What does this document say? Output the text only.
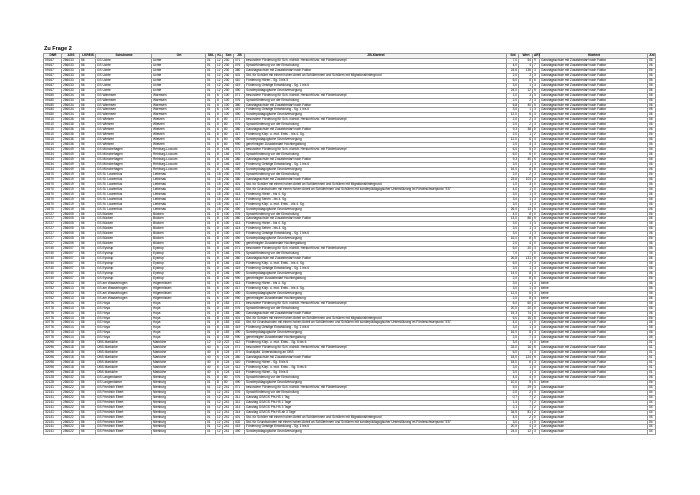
Zu Frage 2
DNR	AGS	LKREIS	Schulname	Ort	SKL	KL	Sch	ZB	ZB-Klartext	Std	Wert	ART	Klartext	Anl
09167	256033	56	GS Uchte	Uchte	01	12	230	071	besondere Förderung für Sch. nichtdt. Herkunft bzw. mit Förderkonzept	7,0	54	9	Ganztagsschule mit Zusatzbedarf nach Faktor	06
09167	256033	56	GS Uchte	Uchte	01	12	230	076	Sprachförderung vor der Einschulung	4,0	4	7	Ganztagsschule mit Zusatzbedarf nach Faktor	06
09167	256033	56	GS Uchte	Uchte	01	12	230	380	Ganztagsschule mit Zusatzbedarf nach Faktor	24,6	136	3	Ganztagsschule mit Zusatzbedarf nach Faktor	06
09167	256033	56	GS Uchte	Uchte	01	12	230	401	Std. für Schüler mit einem hohen Anteil an Schülerinnen und Schülern mit Migrationshintergrund	2,0	3	3	Ganztagsschule mit Zusatzbedarf nach Faktor	06
09167	256033	56	GS Uchte	Uchte	01	12	230	410	Förderung Hören - Sg. 3 bis 5	6,0	8	6	Ganztagsschule mit Zusatzbedarf nach Faktor	06
09167	256033	56	GS Uchte	Uchte	01	12	230	419	Förderung Geistige Entwicklung - Sg. 1 bis 6	3,0	1	3	Ganztagsschule mit Zusatzbedarf nach Faktor	06
09167	256033	56	GS Uchte	Uchte	01	12	230	490	Sonderpädagogische Grundversorgung	24,0	12	5	Ganztagsschule mit Zusatzbedarf nach Faktor	06
09180	256034	56	GS Warmsen	Warmsen	01	6	100	071	besondere Förderung für Sch. nichtdt. Herkunft bzw. mit Förderkonzept	1,0	3	3	Ganztagsschule mit Zusatzbedarf nach Faktor	06
09180	256034	56	GS Warmsen	Warmsen	01	6	100	076	Sprachförderung vor der Einschulung	2,0	2	3	Ganztagsschule mit Zusatzbedarf nach Faktor	06
09180	256034	56	GS Warmsen	Warmsen	01	6	100	380	Ganztagsschule mit Zusatzbedarf nach Faktor	6,8	40	5	Ganztagsschule mit Zusatzbedarf nach Faktor	06
09180	256034	56	GS Warmsen	Warmsen	01	6	100	419	Förderung Geistige Entwicklung - Sg. 1 bis 6	3,0	1	3	Ganztagsschule mit Zusatzbedarf nach Faktor	06
09180	256034	56	GS Warmsen	Warmsen	01	6	100	490	Sonderpädagogische Grundversorgung	12,0	6	3	Ganztagsschule mit Zusatzbedarf nach Faktor	06
09210	256036	56	GS Wietzen	Wietzen	01	6	80	071	besondere Förderung für Sch. nichtdt. Herkunft bzw. mit Förderkonzept	2,0	2	3	Ganztagsschule mit Zusatzbedarf nach Faktor	06
09210	256036	56	GS Wietzen	Wietzen	01	6	80	076	Sprachförderung vor der Einschulung	2,0	2	3	Ganztagsschule mit Zusatzbedarf nach Faktor	06
09210	256036	56	GS Wietzen	Wietzen	01	6	80	380	Ganztagsschule mit Zusatzbedarf nach Faktor	9,3	38	5	Ganztagsschule mit Zusatzbedarf nach Faktor	06
09210	256036	56	GS Wietzen	Wietzen	01	6	80	417	Förderung Körp. u. mot. Entw. - bis 4. Sg.	2,0	1	2	Ganztagsschule mit Zusatzbedarf nach Faktor	06
09210	256036	56	GS Wietzen	Wietzen	01	6	80	490	Sonderpädagogische Grundversorgung	12,0	6	3	Ganztagsschule mit Zusatzbedarf nach Faktor	06
09210	256036	56	GS Wietzen	Wietzen	01	6	80	990	genehmigter Zusatzbedarf Hochbegabung	2,0	4	3	Ganztagsschule mit Zusatzbedarf nach Faktor	06
09234	256049	56	GS Münchehagen	Rehburg-Loccum	01	8	146	071	besondere Förderung für Sch. nichtdt. Herkunft bzw. mit Förderkonzept	6,0	5	0	Ganztagsschule mit Zusatzbedarf nach Faktor	06
09234	256049	56	GS Münchehagen	Rehburg-Loccum	01	8	146	076	Sprachförderung vor der Einschulung	6,0	6	0	Ganztagsschule mit Zusatzbedarf nach Faktor	06
09234	256049	56	GS Münchehagen	Rehburg-Loccum	01	8	146	380	Ganztagsschule mit Zusatzbedarf nach Faktor	9,3	40	5	Ganztagsschule mit Zusatzbedarf nach Faktor	06
09234	256049	56	GS Münchehagen	Rehburg-Loccum	01	8	146	419	Förderung Geistige Entwicklung - Sg. 1 bis 6	3,0	1	3	Ganztagsschule mit Zusatzbedarf nach Faktor	06
09234	256049	56	GS Münchehagen	Rehburg-Loccum	01	8	146	490	Sonderpädagogische Grundversorgung	16,0	8	5	Ganztagsschule mit Zusatzbedarf nach Faktor	06
24570	256019	56	GS St. Laurentius	Liebenau	01	15	230	076	Sprachförderung vor der Einschulung	2,0	2	3	Ganztagsschule mit Zusatzbedarf nach Faktor	06
24570	256019	56	GS St. Laurentius	Liebenau	01	15	230	380	Ganztagsschule mit Zusatzbedarf nach Faktor	23,6	103	3	Ganztagsschule mit Zusatzbedarf nach Faktor	06
24570	256019	56	GS St. Laurentius	Liebenau	01	15	230	401	Std. für Schüler mit einem hohen Anteil an Schülerinnen und Schülern mit Migrationshintergrund	1,0	3	0	Ganztagsschule mit Zusatzbedarf nach Faktor	06
24570	256019	56	GS St. Laurentius	Liebenau	01	15	230	402	Std. für Grundschulen mit einem hohen Anteil an Schülerinnen und Schülern mit sonderpädagogischer Unterstützung im Förderschwerpunkt "ES"	4,0	1	0	Ganztagsschule mit Zusatzbedarf nach Faktor	06
24570	256019	56	GS St. Laurentius	Liebenau	01	15	230	413	Förderung Hören - bis 4. Sg.	3,0	1	3	Ganztagsschule mit Zusatzbedarf nach Faktor	06
24570	256019	56	GS St. Laurentius	Liebenau	01	15	230	414	Förderung Sehen - bis 4. Sg.	3,0	1	3	Ganztagsschule mit Zusatzbedarf nach Faktor	06
24570	256019	56	GS St. Laurentius	Liebenau	01	15	230	417	Förderung Körp. u. mot. Entw. - bis 4. Sg.	3,0	1	3	Ganztagsschule mit Zusatzbedarf nach Faktor	06
24570	256019	56	GS St. Laurentius	Liebenau	01	15	230	490	Sonderpädagogische Grundversorgung	26,0	13	5	Ganztagsschule mit Zusatzbedarf nach Faktor	06
30727	256005	56	GS Bücken	Bücken	01	8	100	076	Sprachförderung vor der Einschulung	4,0	8	0	Ganztagsschule mit Zusatzbedarf nach Faktor	06
30727	256005	56	GS Bücken	Bücken	01	8	100	380	Ganztagsschule mit Zusatzbedarf nach Faktor	13,0	86	5	Ganztagsschule mit Zusatzbedarf nach Faktor	06
30727	256005	56	GS Bücken	Bücken	01	8	100	413	Förderung Hören - bis 4. Sg.	3,0	1	3	Ganztagsschule mit Zusatzbedarf nach Faktor	06
30727	256005	56	GS Bücken	Bücken	01	8	100	414	Förderung Sehen - bis 4. Sg.	3,0	1	3	Ganztagsschule mit Zusatzbedarf nach Faktor	06
30727	256005	56	GS Bücken	Bücken	01	8	100	419	Förderung Geistige Entwicklung - Sg. 1 bis 6	3,0	1	3	Ganztagsschule mit Zusatzbedarf nach Faktor	06
30727	256005	56	GS Bücken	Bücken	01	8	100	490	Sonderpädagogische Grundversorgung	16,0	8	5	Ganztagsschule mit Zusatzbedarf nach Faktor	06
30727	256005	56	GS Bücken	Bücken	01	8	100	990	genehmigter Zusatzbedarf Hochbegabung	2,0	4	0	Ganztagsschule mit Zusatzbedarf nach Faktor	06
30740	256007	56	GS Eystrup	Eystrup	01	8	146	071	besondere Förderung für Sch. nichtdt. Herkunft bzw. mit Förderkonzept	6,0	20	3	Ganztagsschule mit Zusatzbedarf nach Faktor	06
30740	256007	56	GS Eystrup	Eystrup	01	8	146	076	Sprachförderung vor der Einschulung	7,0	7	0	Ganztagsschule mit Zusatzbedarf nach Faktor	06
30740	256007	56	GS Eystrup	Eystrup	01	8	146	380	Ganztagsschule mit Zusatzbedarf nach Faktor	26,8	131	5	Ganztagsschule mit Zusatzbedarf nach Faktor	06
30740	256007	56	GS Eystrup	Eystrup	01	8	146	415	Förderung Körp. u. mot. Entw. - bis 4. Sg.	6,0	2	3	Ganztagsschule mit Zusatzbedarf nach Faktor	06
30740	256007	56	GS Eystrup	Eystrup	01	8	146	419	Förderung Geistige Entwicklung - Sg. 1 bis 6	3,0	1	3	Ganztagsschule mit Zusatzbedarf nach Faktor	06
30740	256007	56	GS Eystrup	Eystrup	01	8	146	490	Sonderpädagogische Grundversorgung	14,0	8	3	Ganztagsschule mit Zusatzbedarf nach Faktor	06
30740	256007	56	GS Eystrup	Eystrup	01	8	146	990	genehmigter Zusatzbedarf Hochbegabung	2,0	8	0	Ganztagsschule mit Zusatzbedarf nach Faktor	06
30752	256013	56	GS am Wasserbogen	Hilgermissen	01	6	100	413	Förderung Hören - bis 4. Sg.	3,0	1	3	keine	06
30752	256013	56	GS am Wasserbogen	Hilgermissen	01	6	100	417	Förderung Körp. u. mot. Entw. - bis 4. Sg.	3,0	1	3	keine	06
30752	256013	56	GS am Wasserbogen	Hilgermissen	01	6	100	490	Sonderpädagogische Grundversorgung	12,0	6	3	keine	06
30752	256013	56	GS am Wasserbogen	Hilgermissen	01	6	100	990	genehmigter Zusatzbedarf Hochbegabung	2,0	5	3	keine	06
30776	256014	56	GS Hoya	Hoya	01	8	153	071	besondere Förderung für Sch. nichtdt. Herkunft bzw. mit Förderkonzept	6,0	60	3	Ganztagsschule mit Zusatzbedarf nach Faktor	06
30776	256014	56	GS Hoya	Hoya	01	8	153	076	Sprachförderung vor der Einschulung	20,0	20	0	Ganztagsschule mit Zusatzbedarf nach Faktor	06
30776	256014	56	GS Hoya	Hoya	01	8	153	380	Ganztagsschule mit Zusatzbedarf nach Faktor	15,3	74	3	Ganztagsschule mit Zusatzbedarf nach Faktor	06
30776	256014	56	GS Hoya	Hoya	01	8	153	401	Std. für Schüler mit einem hohen Anteil an Schülerinnen und Schülern mit Migrationshintergrund	6,0	16	5	Ganztagsschule mit Zusatzbedarf nach Faktor	06
30776	256014	56	GS Hoya	Hoya	01	8	153	402	Std. für Grundschulen mit einem hohen Anteil an Schülerinnen und Schülern mit sonderpädagogischer Unterstützung im Förderschwerpunkt "ES"	4,0	1	0	Ganztagsschule mit Zusatzbedarf nach Faktor	06
30776	256014	56	GS Hoya	Hoya	01	8	153	419	Förderung Geistige Entwicklung - Sg. 1 bis 6	3,0	1	3	Ganztagsschule mit Zusatzbedarf nach Faktor	06
30776	256014	56	GS Hoya	Hoya	01	8	153	490	Sonderpädagogische Grundversorgung	16,0	8	3	Ganztagsschule mit Zusatzbedarf nach Faktor	06
30776	256014	56	GS Hoya	Hoya	01	8	153	990	genehmigter Zusatzbedarf Hochbegabung	2,0	7	3	Ganztagsschule mit Zusatzbedarf nach Faktor	06
32096	256018	56	OBS Marklohe	Marklohe	12	10	222	412	Förderung Körp. u. mot. Entw. - Sg. 5 bis 6	3,0	1	0	keine	01
32096	256018	56	OBS Marklohe	Marklohe	40	6	124	071	besondere Förderung für Sch. nichtdt. Herkunft bzw. mit Förderkonzept	33,0	16	5	Ganztagsschule mit Zusatzbedarf nach Faktor	01
32096	256018	56	OBS Marklohe	Marklohe	40	6	124	377	Sozialpäd. Unterstützung an OBS	6,0	1	3	Ganztagsschule mit Zusatzbedarf nach Faktor	01
32096	256018	56	OBS Marklohe	Marklohe	40	6	124	380	Ganztagsschule mit Zusatzbedarf nach Faktor	18,0	124	5	Ganztagsschule mit Zusatzbedarf nach Faktor	01
32096	256018	56	OBS Marklohe	Marklohe	40	6	124	410	Förderung Hören - Sg. 5 bis 6	18,0	6	3	Ganztagsschule mit Zusatzbedarf nach Faktor	01
32096	256018	56	OBS Marklohe	Marklohe	40	6	124	412	Förderung Körp. u. mot. Entw. - Sg. 5 bis 6	3,0	1	0	Ganztagsschule mit Zusatzbedarf nach Faktor	01
32096	256018	56	OBS Marklohe	Marklohe	40	6	124	414	Förderung Hören - Sg. 5 bis 6	3,0	1	3	Ganztagsschule mit Zusatzbedarf nach Faktor	01
32128	256032	56	GS Langendamm	Nienburg	01	8	80	076	Sprachförderung vor der Einschulung	4,0	4	0	Ganztagsschule mit Zusatzbedarf nach Faktor	06
32128	256032	56	GS Langendamm	Nienburg	01	8	80	490	Sonderpädagogische Grundversorgung	10,0	5	0	keine	06
32141	256022	56	GS Friedrich Ebert	Nienburg	01	12	241	071	besondere Förderung für Sch. nichtdt. Herkunft bzw. mit Förderkonzept	5,0	29	3	Ganztagsschule	04
32141	256022	56	GS Friedrich Ebert	Nienburg	01	12	241	076	Sprachförderung vor der Einschulung	2,0	2	0	Ganztagsschule	04
32141	256022	56	GS Friedrich Ebert	Nienburg	01	12	241	311	Ganztag GS/IGS Pfs HS 1 Tag	0,7	7	2	Ganztagsschule	04
32141	256022	56	GS Friedrich Ebert	Nienburg	01	12	241	312	Ganztag GS/IGS Pfs HS 2 Tage	1,4	7	2	Ganztagsschule	04
32141	256022	56	GS Friedrich Ebert	Nienburg	01	12	241	313	Ganztag GS/IGS Pfs HS 3 Tage	2,1	7	2	Ganztagsschule	04
32141	256022	56	GS Friedrich Ebert	Nienburg	01	12	241	314	Ganztag GS/IGS Pfs HS ab 3 Tage	34,6	81	2	Ganztagsschule	04
32141	256022	56	GS Friedrich Ebert	Nienburg	01	12	241	401	Std. für Schüler mit einem hohen Anteil an Schülerinnen und Schülern mit Migrationshintergrund	4,0	2	0	Ganztagsschule	04
32141	256022	56	GS Friedrich Ebert	Nienburg	01	12	241	402	Std. für Grundschulen mit einem hohen Anteil an Schülerinnen und Schülern mit sonderpädagogischer Unterstützung im Förderschwerpunkt "ES"	3,0	1	0	Ganztagsschule	04
32141	256022	56	GS Friedrich Ebert	Nienburg	01	12	241	419	Förderung Geistige Entwicklung - Sg. 1 bis 6	20,0	4	3	Ganztagsschule	04
32141	256022	56	GS Friedrich Ebert	Nienburg	01	12	241	490	Sonderpädagogische Grundversorgung	24,0	12	3	Ganztagsschule	04
